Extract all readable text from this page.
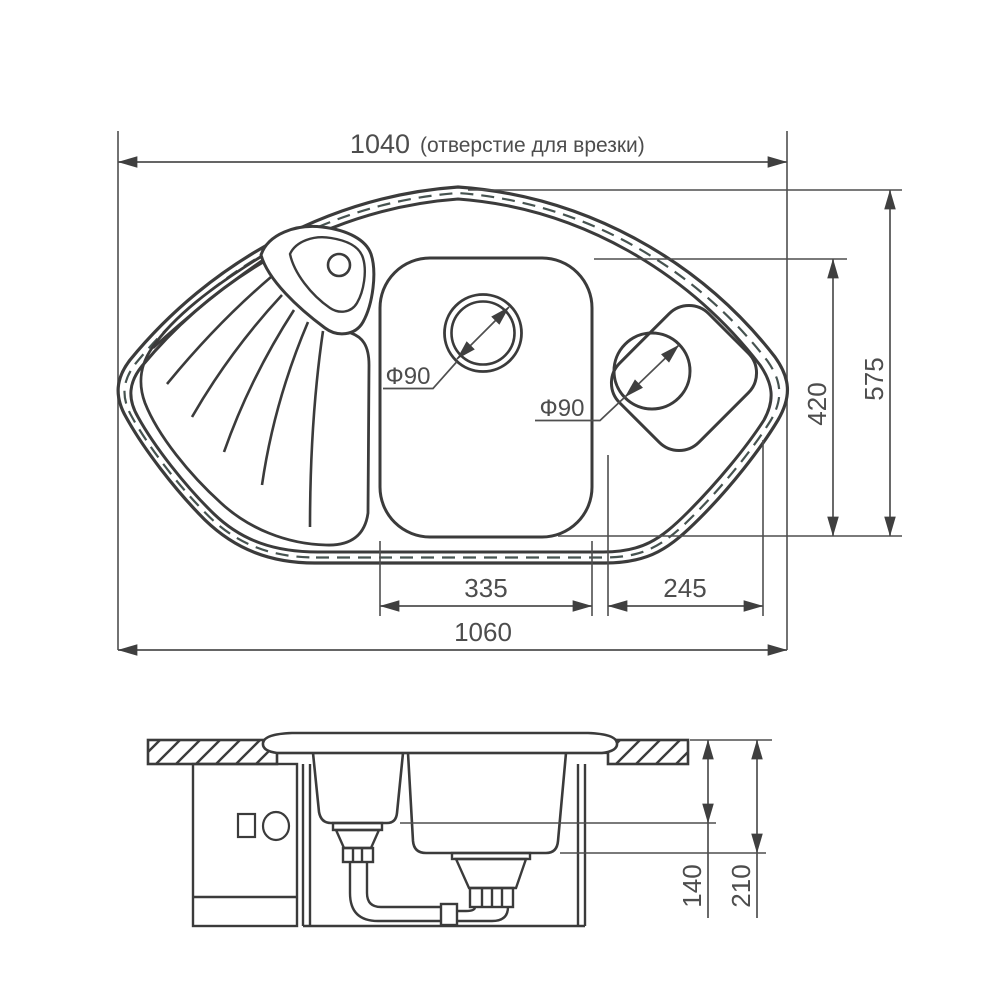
1040 (отверстие для врезки)
575
420
335	245
1060
Ф90
Ф90
140 210
